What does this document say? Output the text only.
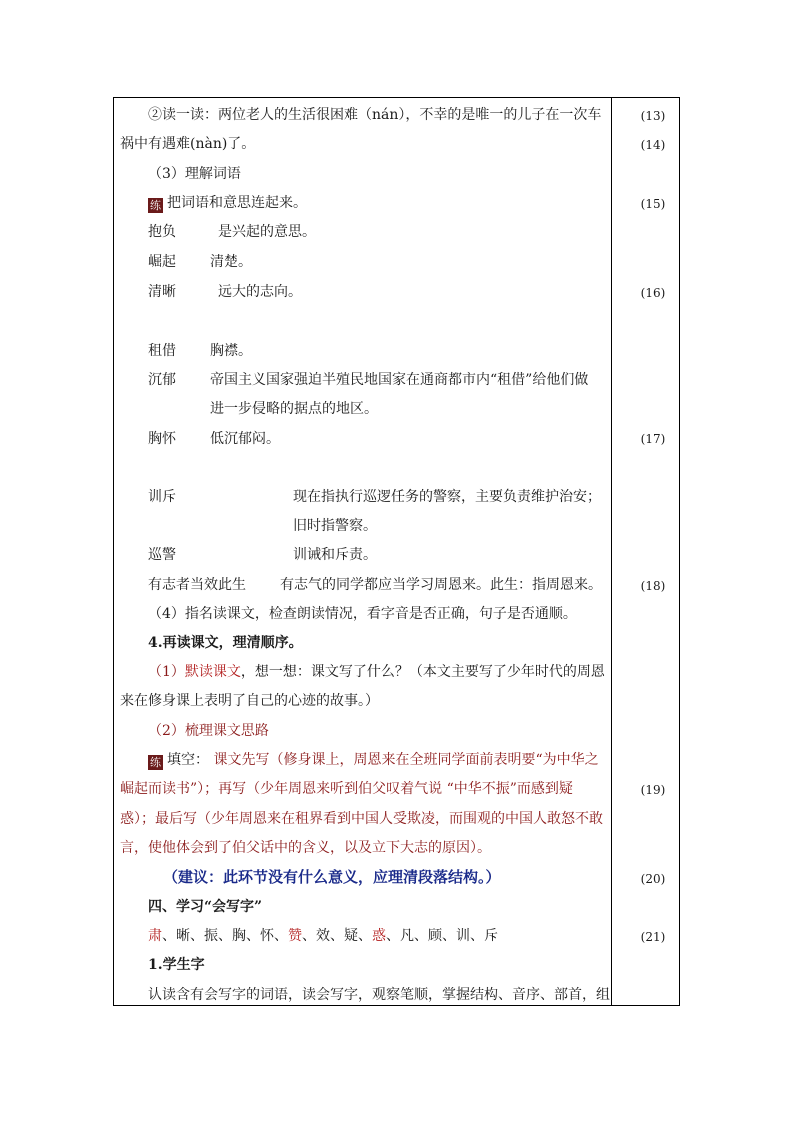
②读一读：两位老人的生活很困难（nán），不幸的是唯一的儿子在一次车
祸中有遇难(nàn)了。
（3）理解词语
练 把词语和意思连起来。
抱负	是兴起的意思。
崛起 清楚。
清晰	远大的志向。
租借 胸襟。
沉郁 帝国主义国家强迫半殖民地国家在通商都市内“租借”给他们做
进一步侵略的据点的地区。
胸怀 低沉郁闷。
训斥	现在指执行巡逻任务的警察，主要负责维护治安；
旧时指警察。
巡警	训诫和斥责。
有志者当效此生 有志气的同学都应当学习周恩来。此生：指周恩来。
（4）指名读课文，检查朗读情况，看字音是否正确，句子是否通顺。
4.再读课文，理清顺序。
（1）默读课文，想一想：课文写了什么？（本文主要写了少年时代的周恩
来在修身课上表明了自己的心迹的故事。）
（2）梳理课文思路
练 填空： 课文先写（修身课上，周恩来在全班同学面前表明要“为中华之
崛起而读书”）；再写（少年周恩来听到伯父叹着气说 “中华不振”而感到疑
惑）；最后写（少年周恩来在租界看到中国人受欺凌，而围观的中国人敢怒不敢
言，使他体会到了伯父话中的含义，以及立下大志的原因）。
（建议：此环节没有什么意义，应理清段落结构。）
四、学习“会写字”
肃、晰、振、胸、怀、赞、效、疑、惑、凡、顾、训、斥
1.学生字
认读含有会写字的词语，读会写字，观察笔顺，掌握结构、音序、部首，组
(13)
(14)
(15)
(16)
(17)
(18)
(19)
(20)
(21)
